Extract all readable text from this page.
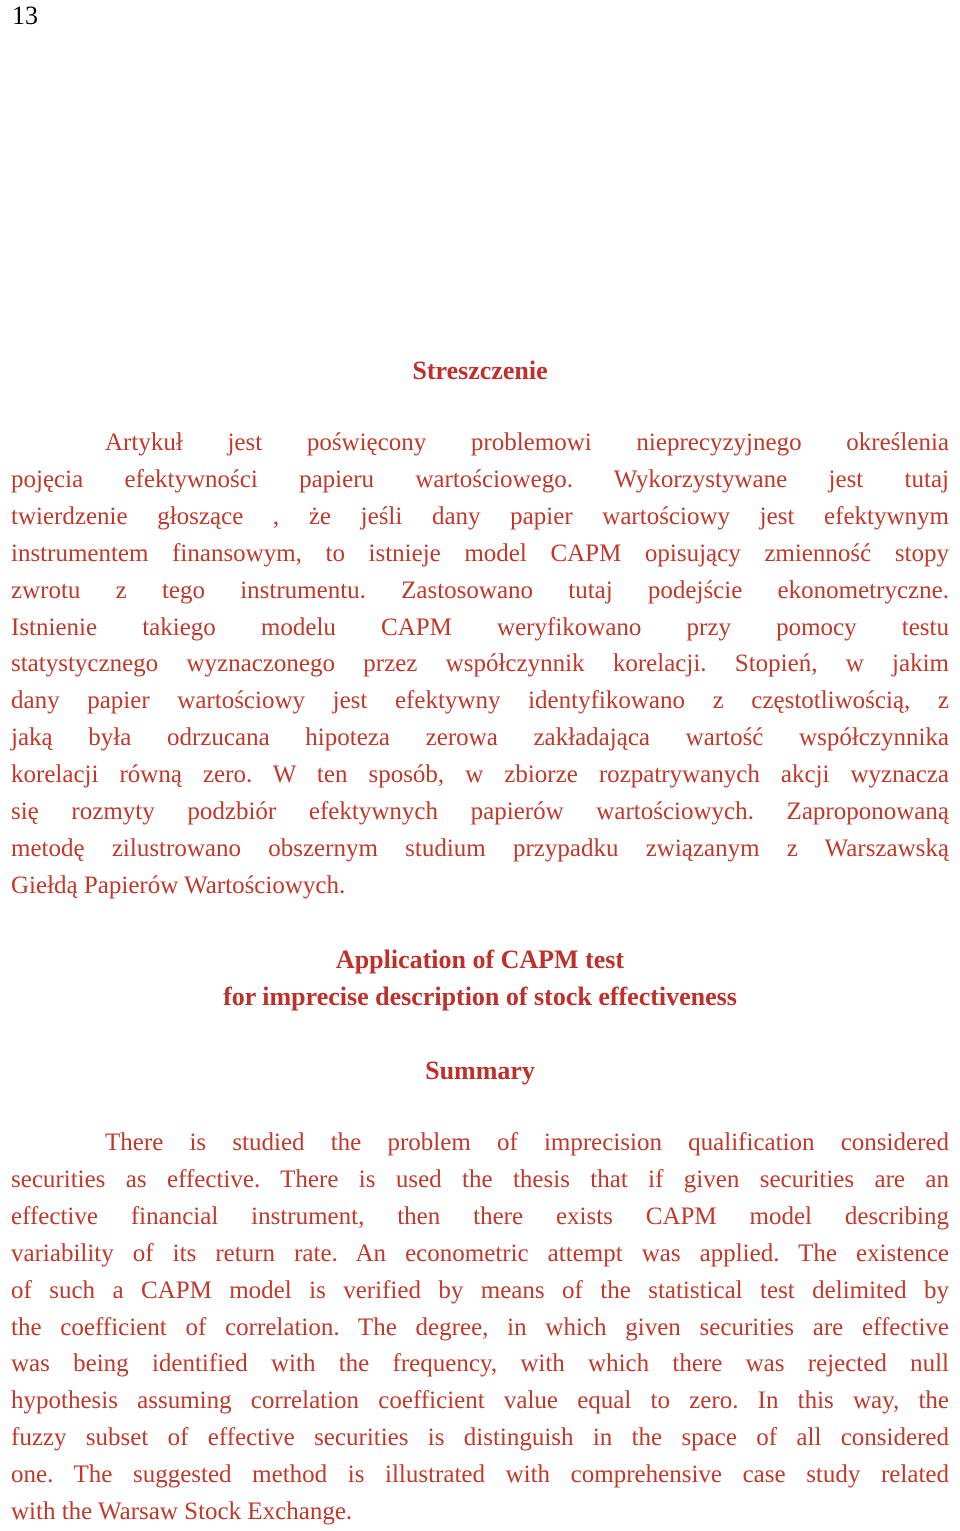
13
Streszczenie
Artykuł jest poświęcony problemowi nieprecyzyjnego określenia
pojęcia efektywności papieru wartościowego. Wykorzystywane jest tutaj
twierdzenie głoszące , że jeśli dany papier wartościowy jest efektywnym
instrumentem finansowym, to istnieje model CAPM opisujący zmienność stopy
zwrotu z tego instrumentu. Zastosowano tutaj podejście ekonometryczne.
Istnienie takiego modelu CAPM weryfikowano przy pomocy testu
statystycznego wyznaczonego przez współczynnik korelacji. Stopień, w jakim
dany papier wartościowy jest efektywny identyfikowano z częstotliwością, z
jaką była odrzucana hipoteza zerowa zakładająca wartość współczynnika
korelacji równą zero. W ten sposób, w zbiorze rozpatrywanych akcji wyznacza
się rozmyty podzbiór efektywnych papierów wartościowych. Zaproponowaną
metodę zilustrowano obszernym studium przypadku związanym z Warszawską
Giełdą Papierów Wartościowych.
Application of CAPM test
for imprecise description of stock effectiveness
Summary
There is studied the problem of imprecision qualification considered
securities as effective. There is used the thesis that if given securities are an
effective financial instrument, then there exists CAPM model describing
variability of its return rate. An econometric attempt was applied. The existence
of such a CAPM model is verified by means of the statistical test delimited by
the coefficient of correlation. The degree, in which given securities are effective
was being identified with the frequency, with which there was rejected null
hypothesis assuming correlation coefficient value equal to zero. In this way, the
fuzzy subset of effective securities is distinguish in the space of all considered
one. The suggested method is illustrated with comprehensive case study related
with the Warsaw Stock Exchange.
